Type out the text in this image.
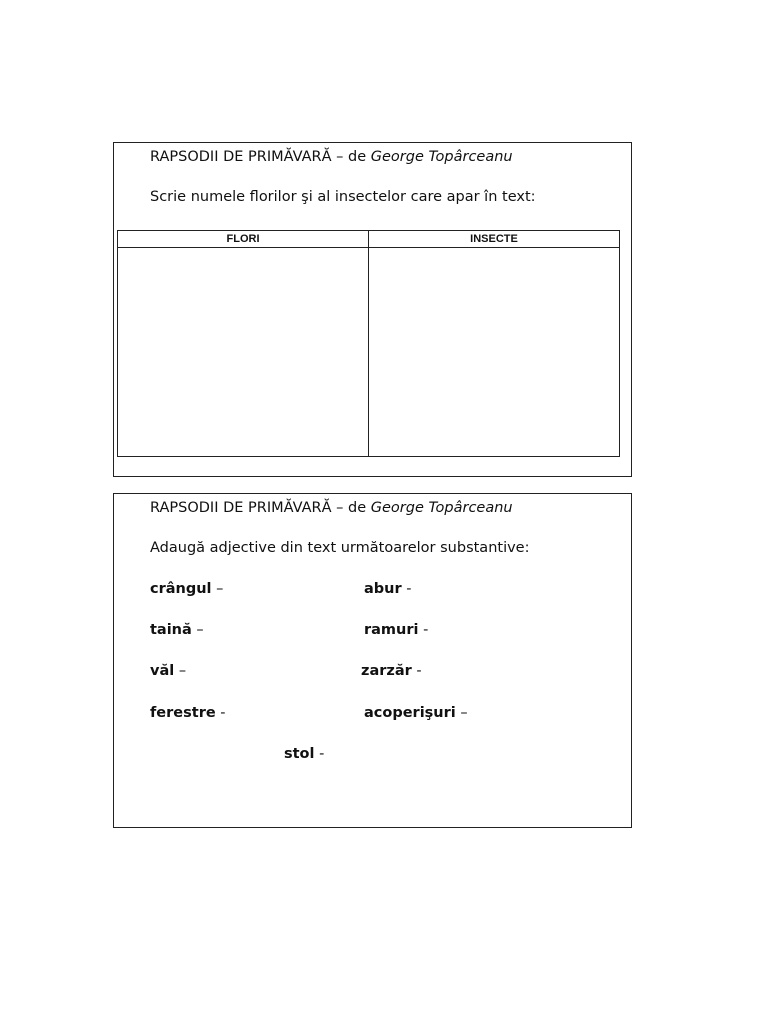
RAPSODII DE PRIMĂVARĂ – de George Topârceanu
Scrie numele florilor şi al insectelor care apar în text:
FLORI	INSECTE

RAPSODII DE PRIMĂVARĂ – de George Topârceanu
Adaugă adjective din text următoarelor substantive:
crângul –	abur -
taină –	ramuri -
văl –	zarzăr -
ferestre -	acoperişuri –
stol -
